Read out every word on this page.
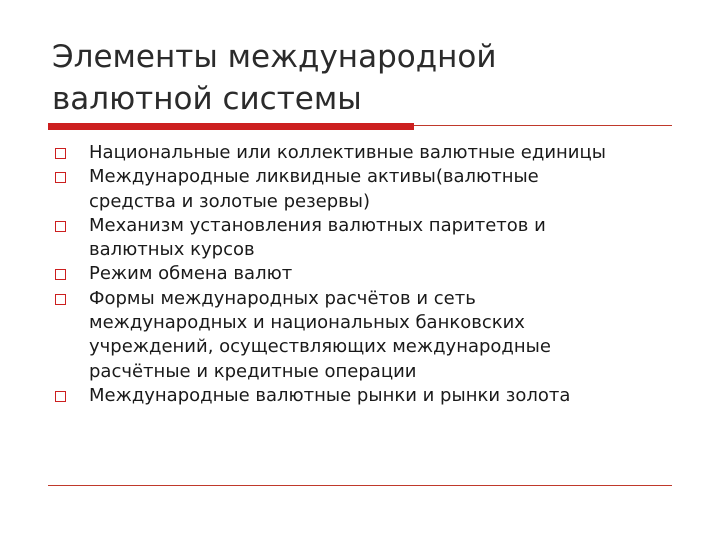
Элементы международной
валютной системы
Национальные или коллективные валютные единицы
Международные ликвидные активы(валютные
средства и золотые резервы)
Механизм установления валютных паритетов и
валютных курсов
Режим обмена валют
Формы международных расчётов и сеть
международных и национальных банковских
учреждений, осуществляющих международные
расчётные и кредитные операции
Международные валютные рынки и рынки золота
